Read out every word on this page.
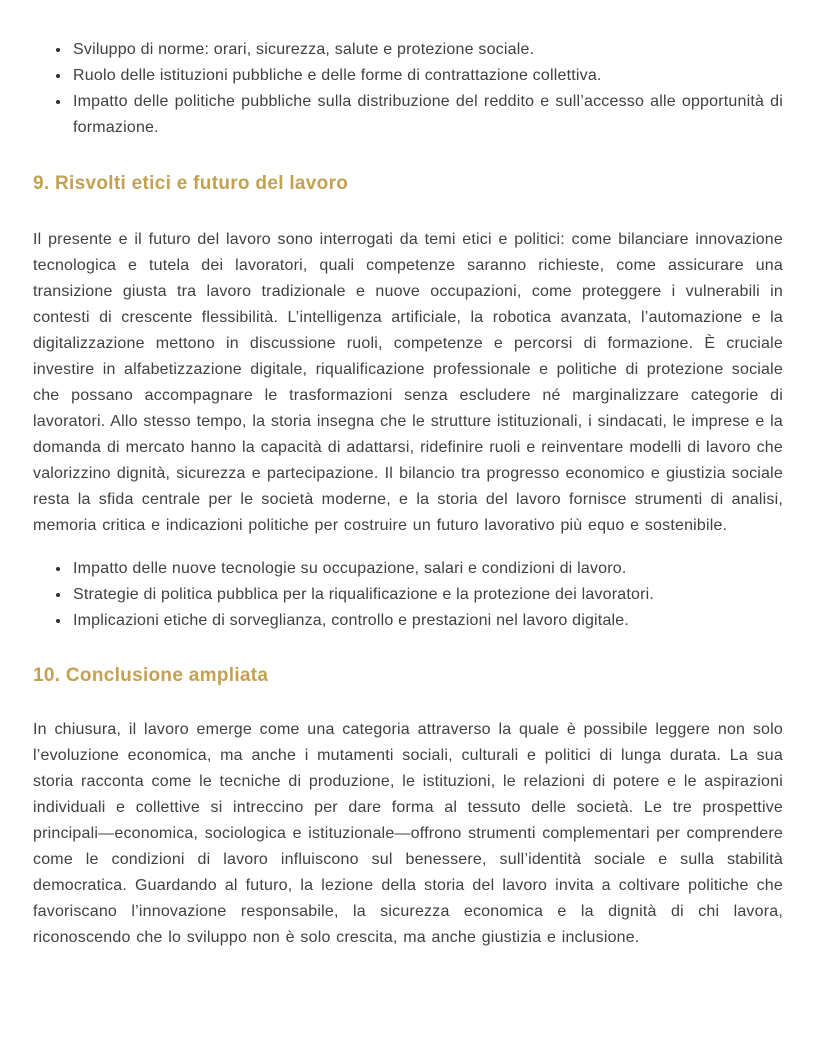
• Sviluppo di norme: orari, sicurezza, salute e protezione sociale.
• Ruolo delle istituzioni pubbliche e delle forme di contrattazione collettiva.
• Impatto delle politiche pubbliche sulla distribuzione del reddito e sull’accesso alle opportunità di formazione.
9. Risvolti etici e futuro del lavoro

Il presente e il futuro del lavoro sono interrogati da temi etici e politici: come bilanciare innovazione tecnologica e tutela dei lavoratori, quali competenze saranno richieste, come assicurare una transizione giusta tra lavoro tradizionale e nuove occupazioni, come proteggere i vulnerabili in contesti di crescente flessibilità. L’intelligenza artificiale, la robotica avanzata, l’automazione e la digitalizzazione mettono in discussione ruoli, competenze e percorsi di formazione. È cruciale investire in alfabetizzazione digitale, riqualificazione professionale e politiche di protezione sociale che possano accompagnare le trasformazioni senza escludere né marginalizzare categorie di lavoratori. Allo stesso tempo, la storia insegna che le strutture istituzionali, i sindacati, le imprese e la domanda di mercato hanno la capacità di adattarsi, ridefinire ruoli e reinventare modelli di lavoro che valorizzino dignità, sicurezza e partecipazione. Il bilancio tra progresso economico e giustizia sociale resta la sfida centrale per le società moderne, e la storia del lavoro fornisce strumenti di analisi, memoria critica e indicazioni politiche per costruire un futuro lavorativo più equo e sostenibile.

• Impatto delle nuove tecnologie su occupazione, salari e condizioni di lavoro.
• Strategie di politica pubblica per la riqualificazione e la protezione dei lavoratori.
• Implicazioni etiche di sorveglianza, controllo e prestazioni nel lavoro digitale.
10. Conclusione ampliata

In chiusura, il lavoro emerge come una categoria attraverso la quale è possibile leggere non solo l’evoluzione economica, ma anche i mutamenti sociali, culturali e politici di lunga durata. La sua storia racconta come le tecniche di produzione, le istituzioni, le relazioni di potere e le aspirazioni individuali e collettive si intreccino per dare forma al tessuto delle società. Le tre prospettive principali—economica, sociologica e istituzionale—offrono strumenti complementari per comprendere come le condizioni di lavoro influiscono sul benessere, sull’identità sociale e sulla stabilità democratica. Guardando al futuro, la lezione della storia del lavoro invita a coltivare politiche che favoriscano l’innovazione responsabile, la sicurezza economica e la dignità di chi lavora, riconoscendo che lo sviluppo non è solo crescita, ma anche giustizia e inclusione.
